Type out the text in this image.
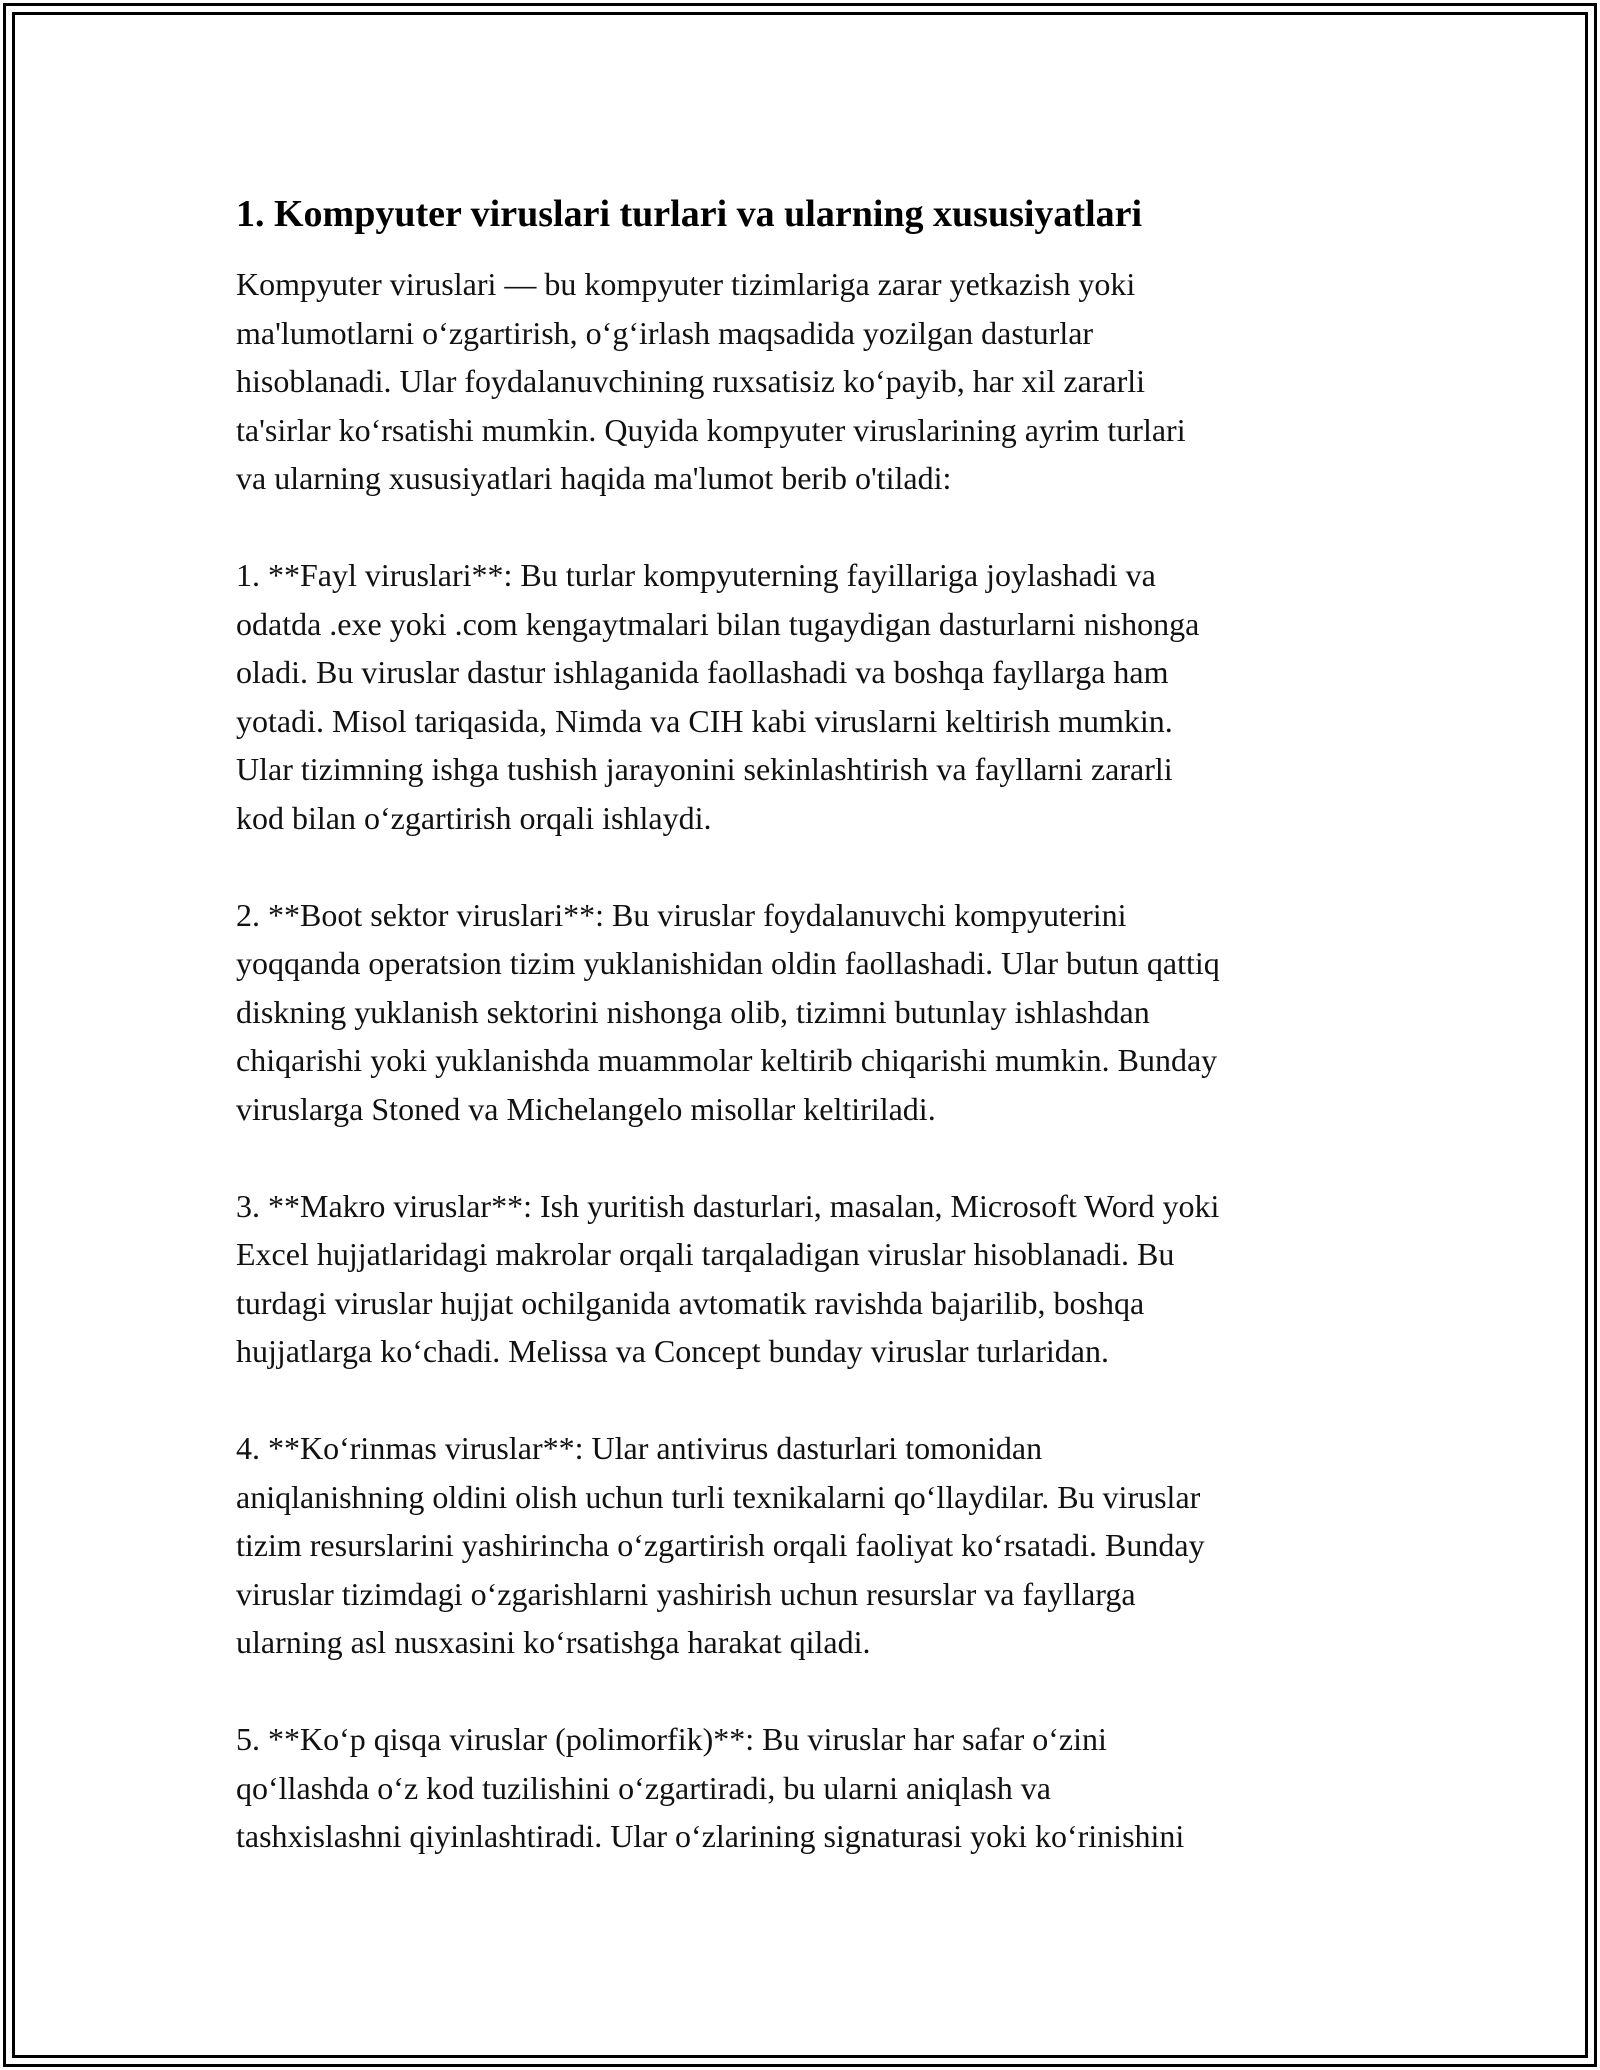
1. Kompyuter viruslari turlari va ularning xususiyatlari

Kompyuter viruslari — bu kompyuter tizimlariga zarar yetkazish yoki
ma'lumotlarni o‘zgartirish, o‘g‘irlash maqsadida yozilgan dasturlar
hisoblanadi. Ular foydalanuvchining ruxsatisiz ko‘payib, har xil zararli
ta'sirlar ko‘rsatishi mumkin. Quyida kompyuter viruslarining ayrim turlari
va ularning xususiyatlari haqida ma'lumot berib o'tiladi:

1. **Fayl viruslari**: Bu turlar kompyuterning fayillariga joylashadi va
odatda .exe yoki .com kengaytmalari bilan tugaydigan dasturlarni nishonga
oladi. Bu viruslar dastur ishlaganida faollashadi va boshqa fayllarga ham
yotadi. Misol tariqasida, Nimda va CIH kabi viruslarni keltirish mumkin.
Ular tizimning ishga tushish jarayonini sekinlashtirish va fayllarni zararli
kod bilan o‘zgartirish orqali ishlaydi.

2. **Boot sektor viruslari**: Bu viruslar foydalanuvchi kompyuterini
yoqqanda operatsion tizim yuklanishidan oldin faollashadi. Ular butun qattiq
diskning yuklanish sektorini nishonga olib, tizimni butunlay ishlashdan
chiqarishi yoki yuklanishda muammolar keltirib chiqarishi mumkin. Bunday
viruslarga Stoned va Michelangelo misollar keltiriladi.

3. **Makro viruslar**: Ish yuritish dasturlari, masalan, Microsoft Word yoki
Excel hujjatlaridagi makrolar orqali tarqaladigan viruslar hisoblanadi. Bu
turdagi viruslar hujjat ochilganida avtomatik ravishda bajarilib, boshqa
hujjatlarga ko‘chadi. Melissa va Concept bunday viruslar turlaridan.

4. **Ko‘rinmas viruslar**: Ular antivirus dasturlari tomonidan
aniqlanishning oldini olish uchun turli texnikalarni qo‘llaydilar. Bu viruslar
tizim resurslarini yashirincha o‘zgartirish orqali faoliyat ko‘rsatadi. Bunday
viruslar tizimdagi o‘zgarishlarni yashirish uchun resurslar va fayllarga
ularning asl nusxasini ko‘rsatishga harakat qiladi.

5. **Ko‘p qisqa viruslar (polimorfik)**: Bu viruslar har safar o‘zini
qo‘llashda o‘z kod tuzilishini o‘zgartiradi, bu ularni aniqlash va
tashxislashni qiyinlashtiradi. Ular o‘zlarining signaturasi yoki ko‘rinishini
